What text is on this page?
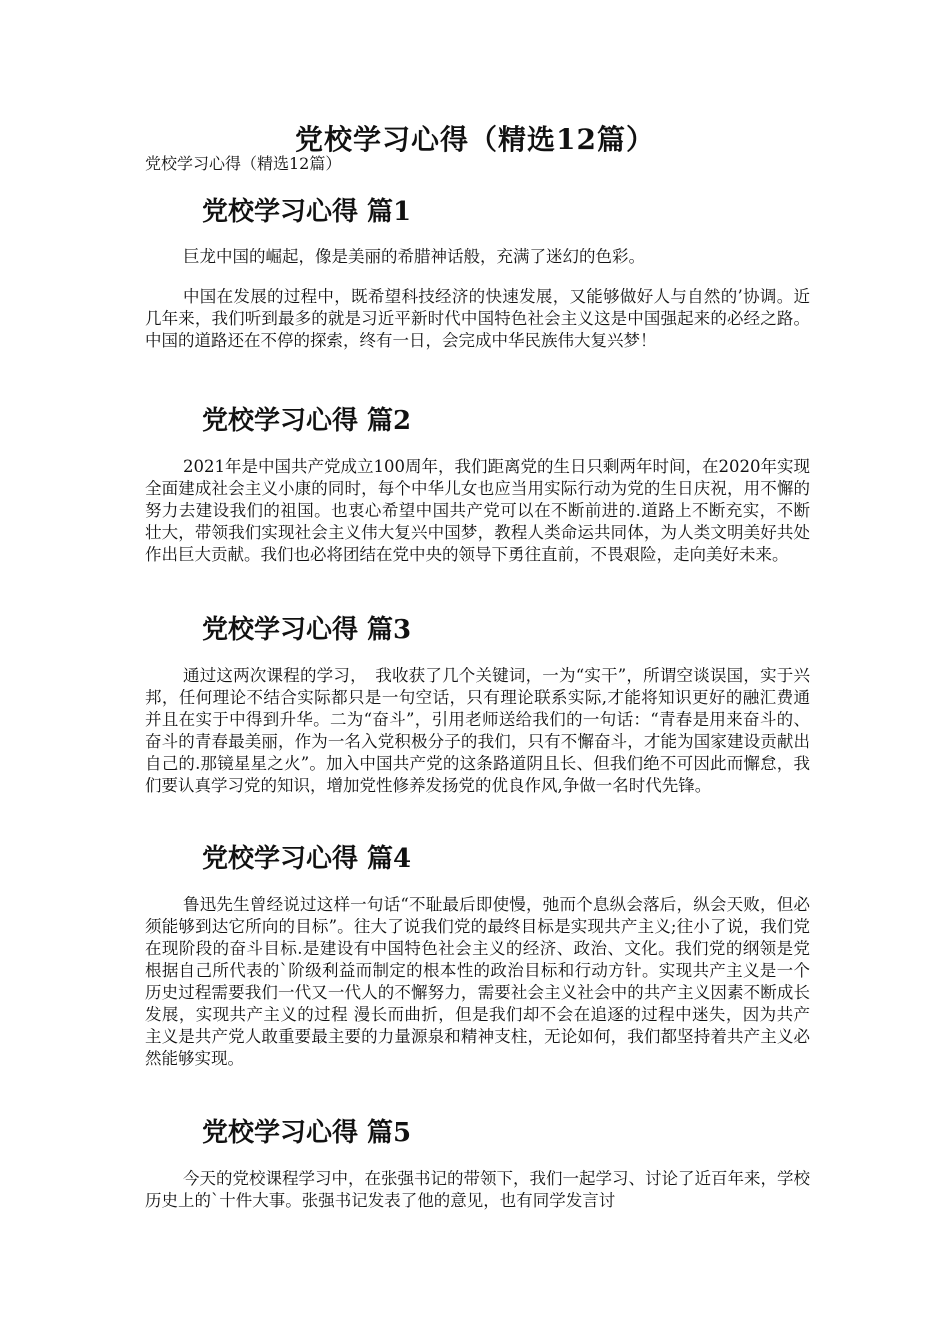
党校学习心得（精选12篇）

党校学习心得（精选12篇）

党校学习心得 篇1

巨龙中国的崛起，像是美丽的希腊神话般，充满了迷幻的色彩。

中国在发展的过程中，既希望科技经济的快速发展，又能够做好人与自然的’协调。近几年来，我们听到最多的就是习近平新时代中国特色社会主义这是中国强起来的必经之路。中国的道路还在不停的探索，终有一日，会完成中华民族伟大复兴梦！

党校学习心得 篇2

2021年是中国共产党成立100周年，我们距离党的生日只剩两年时间，在2020年实现全面建成社会主义小康的同时，每个中华儿女也应当用实际行动为党的生日庆祝，用不懈的努力去建设我们的祖国。也衷心希望中国共产党可以在不断前进的.道路上不断充实，不断壮大，带领我们实现社会主义伟大复兴中国梦，教程人类命运共同体，为人类文明美好共处作出巨大贡献。我们也必将团结在党中央的领导下勇往直前，不畏艰险，走向美好未来。

党校学习心得 篇3

通过这两次课程的学习，　我收获了几个关键词，一为“实干”，所谓空谈误国，实于兴邦，任何理论不结合实际都只是一句空话，只有理论联系实际,才能将知识更好的融汇费通并且在实于中得到升华。二为“奋斗”，引用老师送给我们的一句话：“青春是用来奋斗的、奋斗的青春最美丽，作为一名入党积极分子的我们，只有不懈奋斗，才能为国家建设贡献出自己的.那镜星星之火”。加入中国共产党的这条路道阴且长、但我们绝不可因此而懈怠，我们要认真学习党的知识，增加党性修养发扬党的优良作风,争做一名时代先锋。

党校学习心得 篇4

鲁迅先生曾经说过这样一句话“不耻最后即使慢，弛而个息纵会落后，纵会天败，但必须能够到达它所向的目标”。往大了说我们党的最终目标是实现共产主义;往小了说，我们党在现阶段的奋斗目标.是建设有中国特色社会主义的经济、政治、文化。我们党的纲领是党根据自己所代表的`阶级利益而制定的根本性的政治目标和行动方针。实现共产主义是一个历史过程需要我们一代又一代人的不懈努力，需要社会主义社会中的共产主义因素不断成长发展，实现共产主义的过程 漫长而曲折，但是我们却不会在追逐的过程中迷失，因为共产主义是共产党人敢重要最主要的力量源泉和精神支柱，无论如何，我们都坚持着共产主义必然能够实现。

党校学习心得 篇5

今天的党校课程学习中，在张强书记的带领下，我们一起学习、讨论了近百年来，学校历史上的`十件大事。张强书记发表了他的意见，也有同学发言讨
